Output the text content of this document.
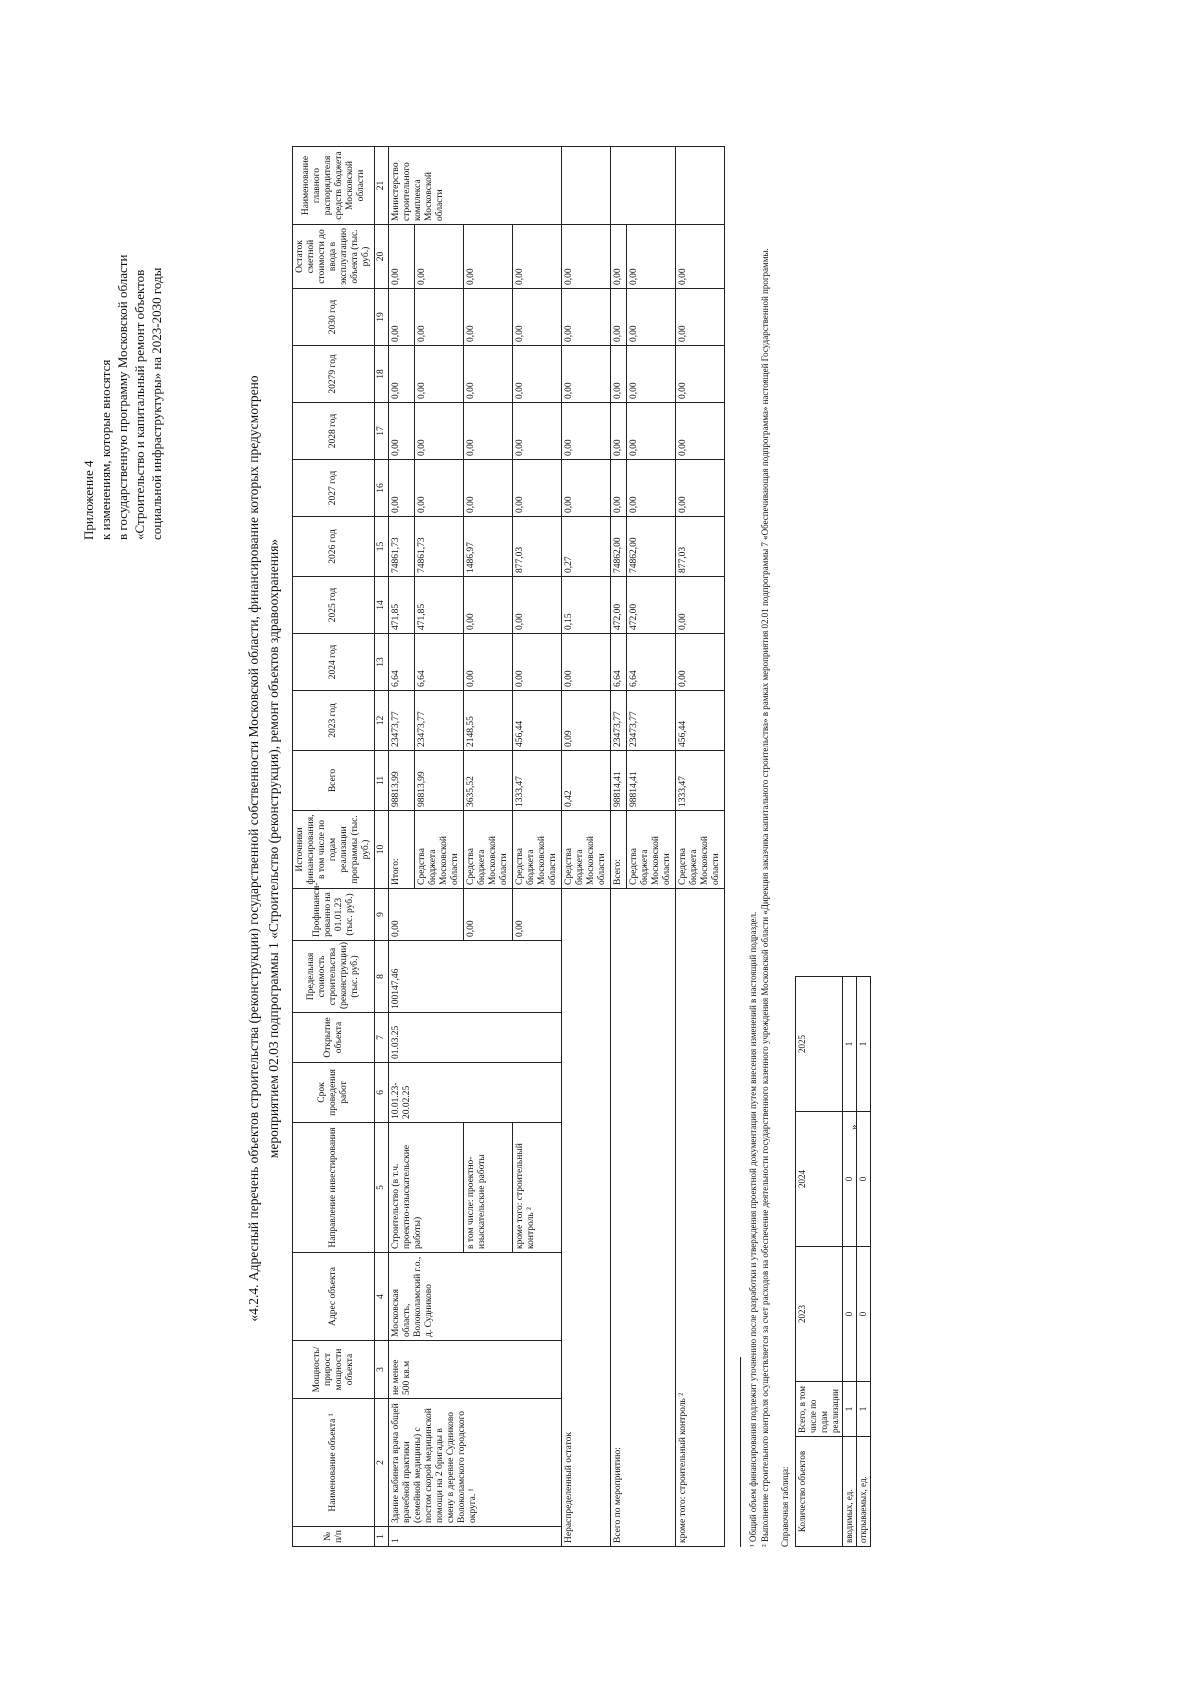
Приложение 4 к изменениям, которые вносятся в государственную программу Московской области «Строительство и капитальный ремонт объектов социальной инфраструктуры» на 2023-2030 годы	«4.2.4. Адресный перечень объектов строительства (реконструкции) государственной собственности Московской области, финансирование которых предусмотрено мероприятием 02.03 подпрограммы 1 «Строительство (реконструкция), ремонт объектов здравоохранения»
№ п/п	Наименование объекта ¹	Мощность/ прирост мощности объекта	Адрес объекта	Направление инвестирования	Срок проведения работ	Открытие объекта	Предельная стоимость строительства (реконструкции) (тыс. руб.)	Профинанси-рованно на 01.01.23 (тыс. руб.)	Источники финансирования, в том числе по годам реализации программы (тыс. руб.)	Всего	2023 год	2024 год	2025 год	2026 год	2027 год	2028 год	20279 год	2030 год	Остаток сметной стоимости до ввода в эксплуатацию объекта (тыс. руб.)	Наименование главного распорядителя средств бюджета Московской области
1	2	3	4	5	6	7	8	9	10	11	12	13	14	15	16	17	18	19	20	21
1	Здание кабинета врача общей врачебной практики (семейной медицины) с постом скорой медицинской помощи на 2 бригады в смену в деревне Судниково Волоколамского городского округа. ¹	не менее 500 кв.м	Московская область, Волоколамский г.о., д. Судниково	Строительство (в т.ч. проектно-изыскательские работы)	10.01.23-20.02.25	01.03.25	100147,46	0,00	Итого:	98813,99	23473,77	6,64	471,85	74861,73	0,00	0,00	0,00	0,00	0,00	Министерство строительного комплекса Московской области
									Средства бюджета Московской области	98813,99	23473,77	6,64	471,85	74861,73	0,00	0,00	0,00	0,00	0,00	
				в том числе: проектно-изыскательские работы				0,00	Средства бюджета Московской области	3635,52	2148,55	0,00	0,00	1486,97	0,00	0,00	0,00	0,00	0,00	
				кроме того: строительный контроль ²				0,00	Средства бюджета Московской области	1333,47	456,44	0,00	0,00	877,03	0,00	0,00	0,00	0,00	0,00	
Нераспределенный остаток									Средства бюджета Московской области	0,42	0,09	0,00	0,15	0,27	0,00	0,00	0,00	0,00	0,00	
Всего по мероприятию:									Всего:	98814,41	23473,77	6,64	472,00	74862,00	0,00	0,00	0,00	0,00	0,00	
									Средства бюджета Московской области	98814,41	23473,77	6,64	472,00	74862,00	0,00	0,00	0,00	0,00	0,00	
кроме того: строительный контроль ²									Средства бюджета Московской области	1333,47	456,44	0,00	0,00	877,03	0,00	0,00	0,00	0,00	0,00	
¹ Общий объем финансирования подлежит уточнению после разработки и утверждения проектной документации путем внесения изменений в настоящий подраздел. ² Выполнение строительного контроля осуществляется за счет расходов на обеспечение деятельности государственного казенного учреждения Московской области «Дирекция заказчика капитального строительства» в рамках мероприятия 02.01 подпрограммы 7 «Обеспечивающая подпрограмма» настоящей Государственной программы. Справочная таблица: Количество объектов	Всего, в том числе по годам реализации	2023	2024	2025
вводимых, ед.	1	0	0	1
открываемых, ед.	1	0	0	1
».
